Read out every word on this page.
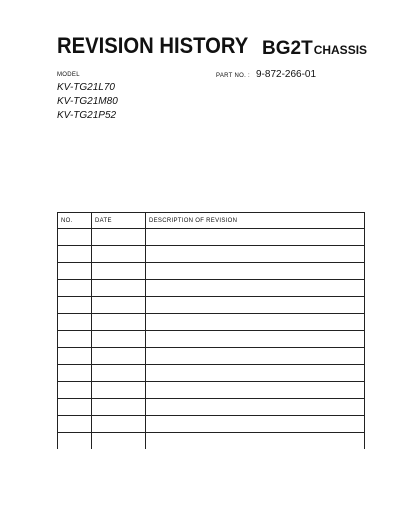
REVISION HISTORY BG2TCHASSIS
MODEL	PART NO. : 9-872-266-01
KV-TG21L70
KV-TG21M80
KV-TG21P52
NO.	DATE	DESCRIPTION OF REVISION
